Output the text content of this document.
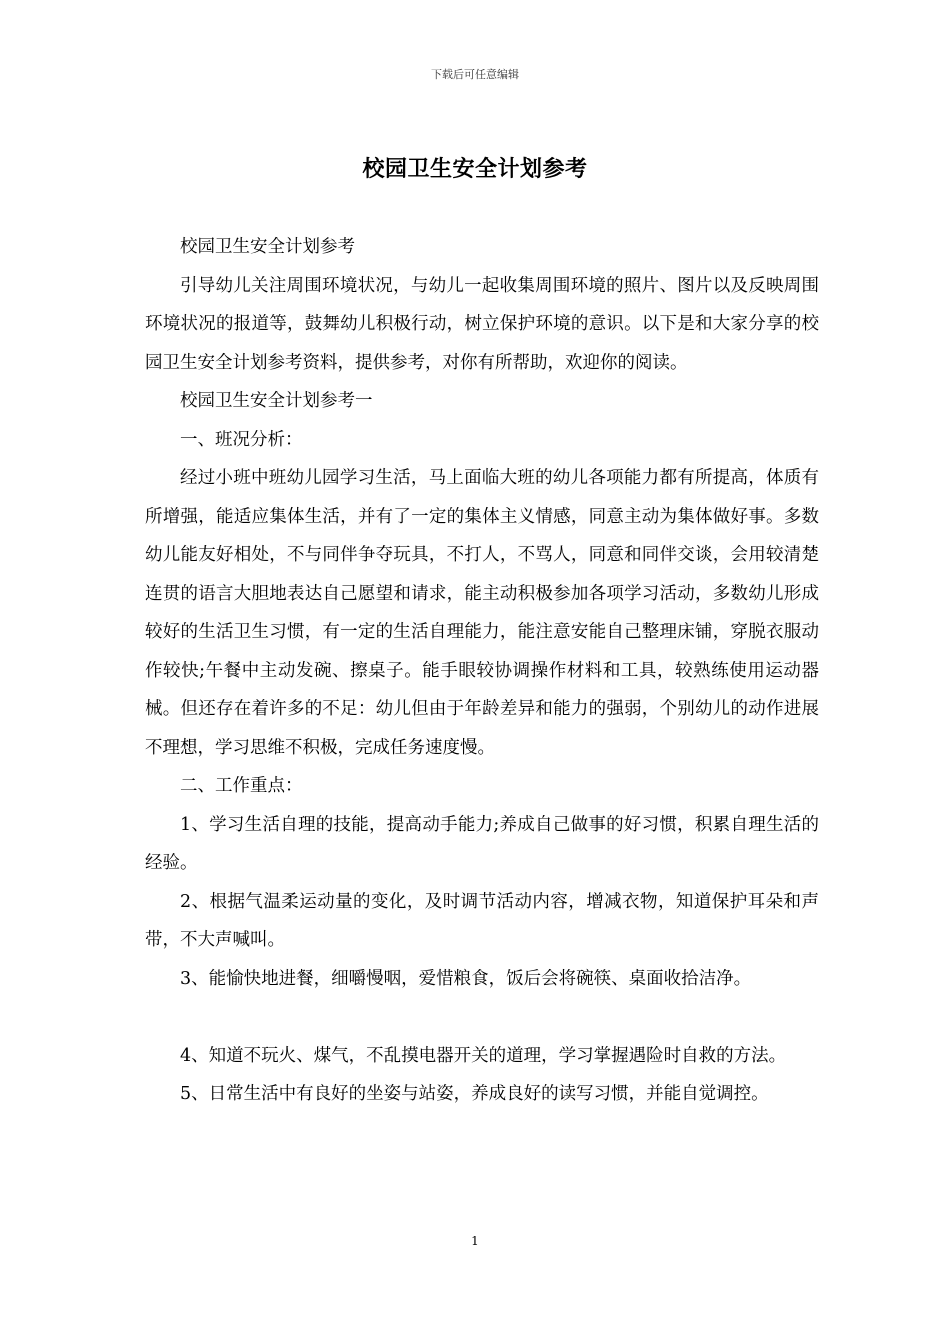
下载后可任意编辑
校园卫生安全计划参考

校园卫生安全计划参考

引导幼儿关注周围环境状况，与幼儿一起收集周围环境的照片、图片以及反映周围环境状况的报道等，鼓舞幼儿积极行动，树立保护环境的意识。以下是和大家分享的校园卫生安全计划参考资料，提供参考，对你有所帮助，欢迎你的阅读。

校园卫生安全计划参考一

一、班况分析：

经过小班中班幼儿园学习生活，马上面临大班的幼儿各项能力都有所提高，体质有所增强，能适应集体生活，并有了一定的集体主义情感，同意主动为集体做好事。多数幼儿能友好相处，不与同伴争夺玩具，不打人，不骂人，同意和同伴交谈，会用较清楚连贯的语言大胆地表达自己愿望和请求，能主动积极参加各项学习活动，多数幼儿形成较好的生活卫生习惯，有一定的生活自理能力，能注意安能自己整理床铺，穿脱衣服动作较快;午餐中主动发碗、擦桌子。能手眼较协调操作材料和工具，较熟练使用运动器械。但还存在着许多的不足：幼儿但由于年龄差异和能力的强弱，个别幼儿的动作进展不理想，学习思维不积极，完成任务速度慢。

二、工作重点：

1、学习生活自理的技能，提高动手能力;养成自己做事的好习惯，积累自理生活的经验。

2、根据气温柔运动量的变化，及时调节活动内容，增减衣物，知道保护耳朵和声带，不大声喊叫。

3、能愉快地进餐，细嚼慢咽，爱惜粮食，饭后会将碗筷、桌面收拾洁净。

4、知道不玩火、煤气，不乱摸电器开关的道理，学习掌握遇险时自救的方法。

5、日常生活中有良好的坐姿与站姿，养成良好的读写习惯，并能自觉调控。

1
